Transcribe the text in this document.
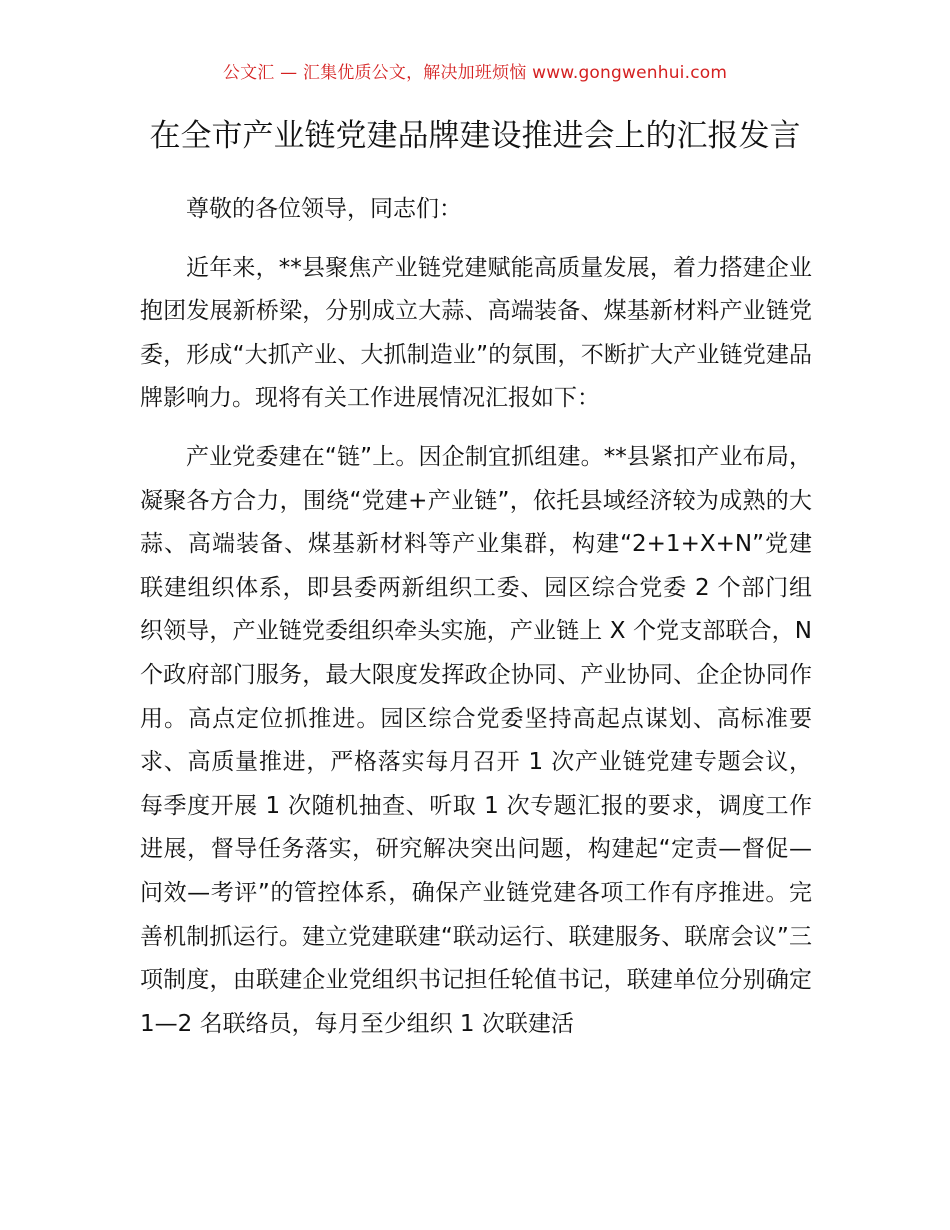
公文汇 — 汇集优质公文，解决加班烦恼 www.gongwenhui.com
在全市产业链党建品牌建设推进会上的汇报发言

尊敬的各位领导，同志们：

近年来，**县聚焦产业链党建赋能高质量发展，着力搭建企业抱团发展新桥梁，分别成立大蒜、高端装备、煤基新材料产业链党委，形成“大抓产业、大抓制造业”的氛围，不断扩大产业链党建品牌影响力。现将有关工作进展情况汇报如下：

产业党委建在“链”上。因企制宜抓组建。**县紧扣产业布局，凝聚各方合力，围绕“党建+产业链”，依托县域经济较为成熟的大蒜、高端装备、煤基新材料等产业集群，构建“2+1+X+N”党建联建组织体系，即县委两新组织工委、园区综合党委 2 个部门组织领导，产业链党委组织牵头实施，产业链上 X 个党支部联合，N 个政府部门服务，最大限度发挥政企协同、产业协同、企企协同作用。高点定位抓推进。园区综合党委坚持高起点谋划、高标准要求、高质量推进，严格落实每月召开 1 次产业链党建专题会议，每季度开展 1 次随机抽查、听取 1 次专题汇报的要求，调度工作进展，督导任务落实，研究解决突出问题，构建起“定责—督促—问效—考评”的管控体系，确保产业链党建各项工作有序推进。完善机制抓运行。建立党建联建“联动运行、联建服务、联席会议”三项制度，由联建企业党组织书记担任轮值书记，联建单位分别确定 1—2 名联络员，每月至少组织 1 次联建活
